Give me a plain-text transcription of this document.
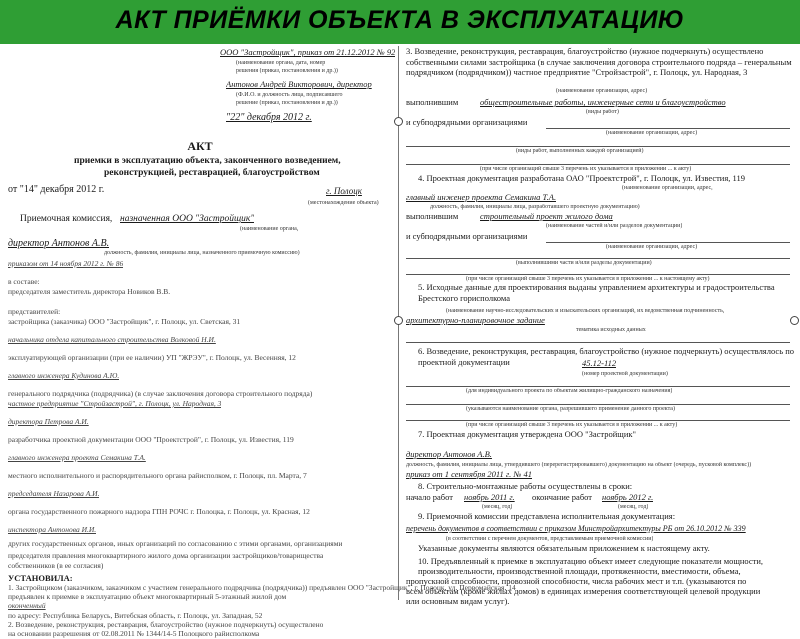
АКТ ПРИЁМКИ ОБЪЕКТА В ЭКСПЛУАТАЦИЮ
ООО "Застройщик", приказ от 21.12.2012 № 92
(наименование органа, дата, номер
решения (приказ, постановления и др.))
Антонов Андрей Викторович, директор
(Ф.И.О. и должность лица, подписавшего
решение (приказ, постановления и др.))
"22" декабря 2012 г.
АКТ
приемки в эксплуатацию объекта, законченного возведением,
реконструкцией, реставрацией, благоустройством
от "14" декабря 2012 г.	г. Полоцк
(местонахождение объекта)
Приемочная комиссия, назначенная ООО "Застройщик"
(наименование органа,
директор Антонов А.В.
должность, фамилия, инициалы лица, назначенного приемочную комиссию)
приказом от 14 ноября 2012 г. № 86
в составе:
председателя заместитель директора Новиков В.В.
представителей:
застройщика (заказчика) ООО "Застройщик", г. Полоцк, ул. Светская, 31
начальника отдела капитального строительства Волковой Н.И.
эксплуатирующей организации (при ее наличии) УП "ЖРЭУ", г. Полоцк, ул. Весенняя, 12
главного инженера Кудинова А.Ю.
генерального подрядчика (подрядчика) (в случае заключения договора строительного подряда)
частное предприятие "Стройзастрой", г. Полоцк, ул. Народная, 3
директора Петрова А.И.
разработчика проектной документации ООО "Проектстрой", г. Полоцк, ул. Известия, 119
главного инженера проекта Семакина Т.А.
местного исполнительного и распорядительного органа райисполком, г. Полоцк, пл. Марта, 7
председателя Назарова А.И.
органа государственного пожарного надзора ГПН РОЧС г. Полоцка, г. Полоцк, ул. Красная, 12
инспектора Антонова И.И.
других государственных органов, иных организаций по согласованию с этими органами, организациями
председателя правления многоквартирного жилого дома организации застройщиков/товарищества
собственников (в ее согласия)
УСТАНОВИЛА:
1. Застройщиком (заказчиком, заказчиком с участием генерального подрядчика (подрядчика)) предъявлен ООО "Застройщик", г. Полоцк, ул. Первомайская, 14
предъявлен к приемке в эксплуатацию объект многоквартирный 5-этажный жилой дом
оконченный
по адресу: Республика Беларусь, Витебская область, г. Полоцк, ул. Западная, 52
2. Возведение, реконструкция, реставрация, благоустройство (нужное подчеркнуть) осуществлено
на основании разрешения от 02.08.2011 № 1344/14-5 Полоцкого райисполкома
3. Возведение, реконструкция, реставрация, благоустройство (нужное подчеркнуть) осуществлено собственными силами застройщика (в случае заключения договора строительного подряда – генеральным подрядчиком (подрядчиком)) частное предприятие "Стройзастрой", г. Полоцк, ул. Народная, 3
(наименование организации, адрес)
выполнившим	общестроительные работы, инженерные сети и благоустройство
(виды работ)
и субподрядными организациями
(наименование организации, адрес)
(виды работ, выполненных каждой организацией)
(при числе организаций свыше 3 перечень их указывается в приложении ... к акту)
4. Проектная документация разработана ОАО "Проектстрой", г. Полоцк, ул. Известия, 119
(наименование организации, адрес,
главный инженер проекта Семакина Т.А.
должность, фамилия, инициалы лица, разработавшего проектную документацию)
выполнившим	строительный проект жилого дома
(наименование частей и/или разделов документации)
и субподрядными организациями
(наименование организации, адрес)
(выполнившими части и/или разделы документации)
(при числе организаций свыше 3 перечень их указывается в приложении ... к настоящему акту)
5. Исходные данные для проектирования выданы управлением архитектуры и градостроительства Брестского горисполкома
(наименование научно-исследовательских и изыскательских организаций, их ведомственная подчиненность,
архитектурно-планировочное задание
тематика исходных данных
6. Возведение, реконструкция, реставрация, благоустройство (нужное подчеркнуть) осуществлялось по проектной документации	45.12-112
(номер проектной документации)
(для индивидуального проекта по объектам жилищно-гражданского назначения)
(указываются наименование органа, разрешившего применение данного проекта)
(при числе организаций свыше 3 перечень их указывается в приложении ... к акту)
7. Проектная документация утверждена ООО "Застройщик"
директор Антонов А.В.
должность, фамилия, инициалы лица, утвердившего (перерегистрировавшего) документацию на объект (очередь, пусковой комплекс))
приказ от 1 сентября 2011 г. № 41
8. Строительно-монтажные работы осуществлены в сроки:
начало работ ноябрь 2011 г. окончание работ ноябрь 2012 г.
(месяц, год)	(месяц, год)
9. Приемочной комиссии представлена исполнительная документация:
перечень документов в соответствии с приказом Минстройархитектуры РБ от 26.10.2012 № 339
(в соответствии с перечнем документов, представляемым приемочной комиссии)
Указанные документы являются обязательным приложением к настоящему акту.
10. Предъявленный к приемке в эксплуатацию объект имеет следующие показатели мощности, производительности, производственной площади, протяженности, вместимости, объема,
пропускной способности, провозной способности, числа рабочих мест и т.п. (указываются по
всем объектам (кроме жилых домов) в единицах измерения соответствующей целевой продукции
или основным видам услуг).
